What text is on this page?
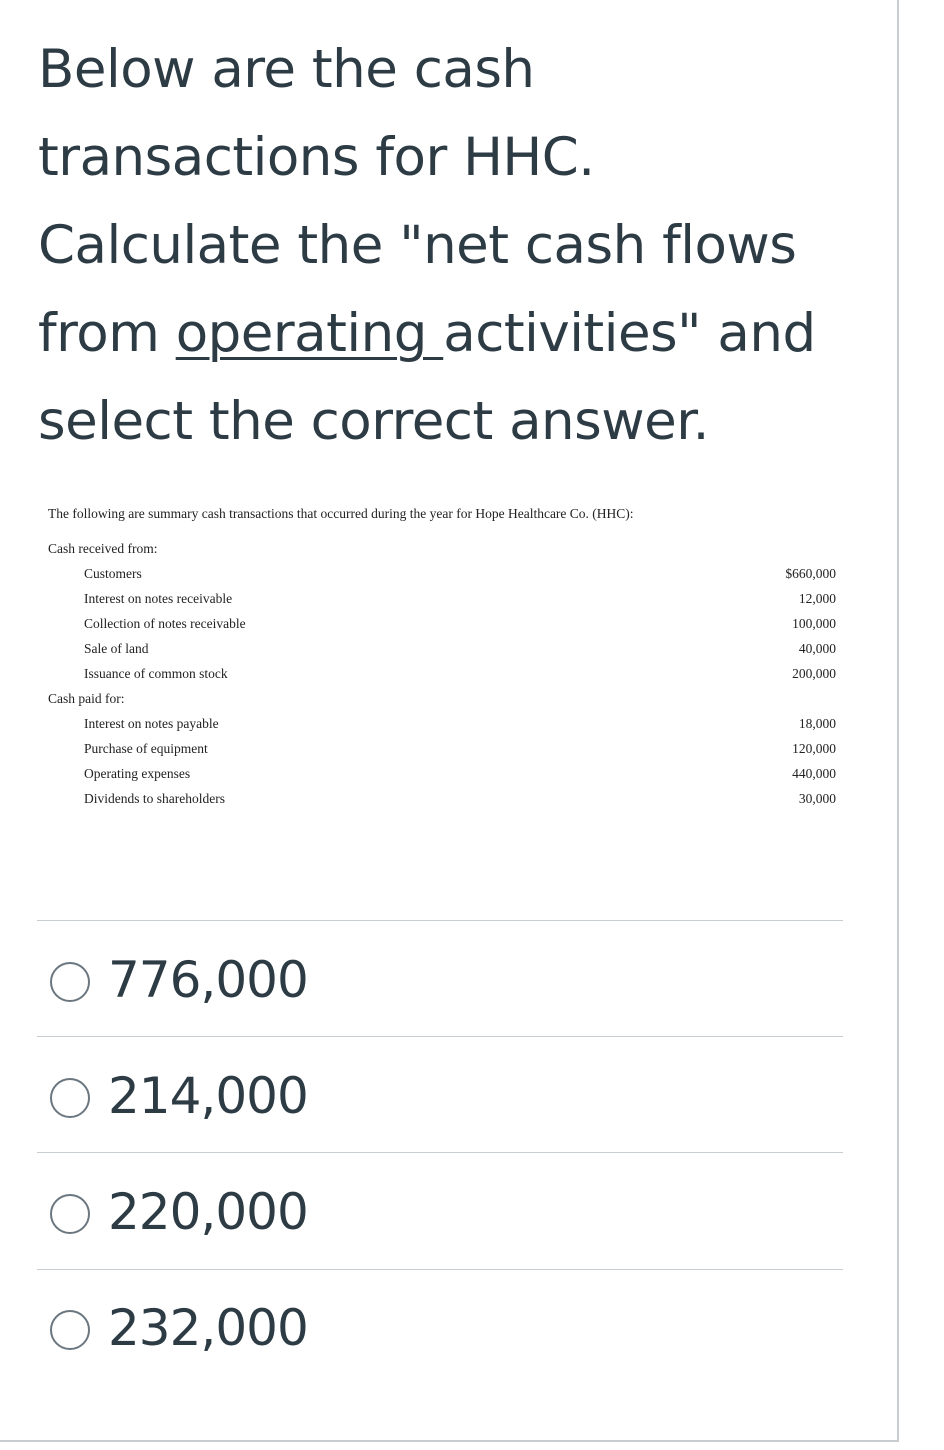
Below are the cash
transactions for HHC.
Calculate the "net cash flows
from operating activities" and
select the correct answer.
The following are summary cash transactions that occurred during the year for Hope Healthcare Co. (HHC):
Cash received from:
Customers	$660,000
Interest on notes receivable	12,000
Collection of notes receivable	100,000
Sale of land	40,000
Issuance of common stock	200,000
Cash paid for:
Interest on notes payable	18,000
Purchase of equipment	120,000
Operating expenses	440,000
Dividends to shareholders	30,000
776,000
214,000
220,000
232,000
